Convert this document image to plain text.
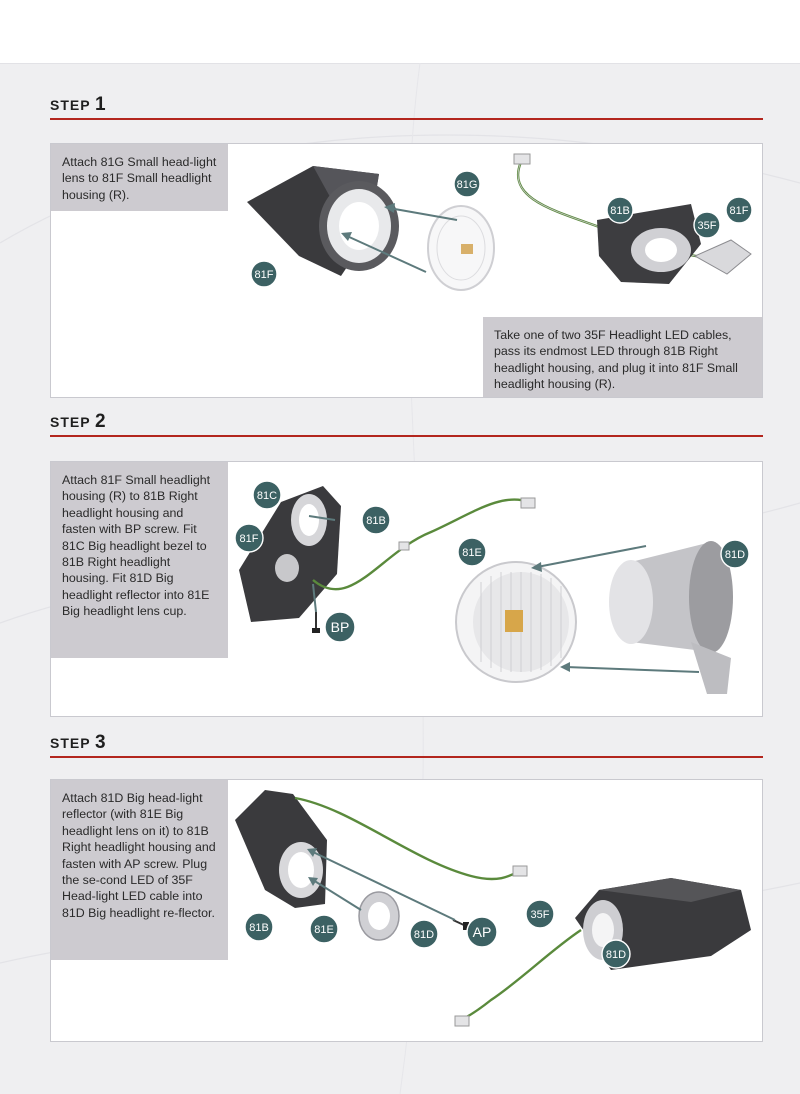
STEP 1
Attach 81G Small head-light lens to 81F Small headlight housing (R).
81G
81F
81B
35F
81F
Take one of two 35F Headlight LED cables, pass its endmost LED through 81B Right headlight housing, and plug it into 81F Small headlight housing (R).
STEP 2
Attach 81F Small headlight housing (R) to 81B Right headlight housing and fasten with BP screw. Fit 81C Big headlight bezel to 81B Right headlight housing. Fit 81D Big headlight reflector into 81E Big headlight lens cup.
81C
81B
81F
BP
81E	81D
STEP 3
Attach 81D Big head-light reflector (with 81E Big headlight lens on it) to 81B Right headlight housing and fasten with AP screw. Plug the se-cond LED of 35F Head-light LED cable into 81D Big headlight re-flector.
81B	81E	81D	AP
35F
81D
